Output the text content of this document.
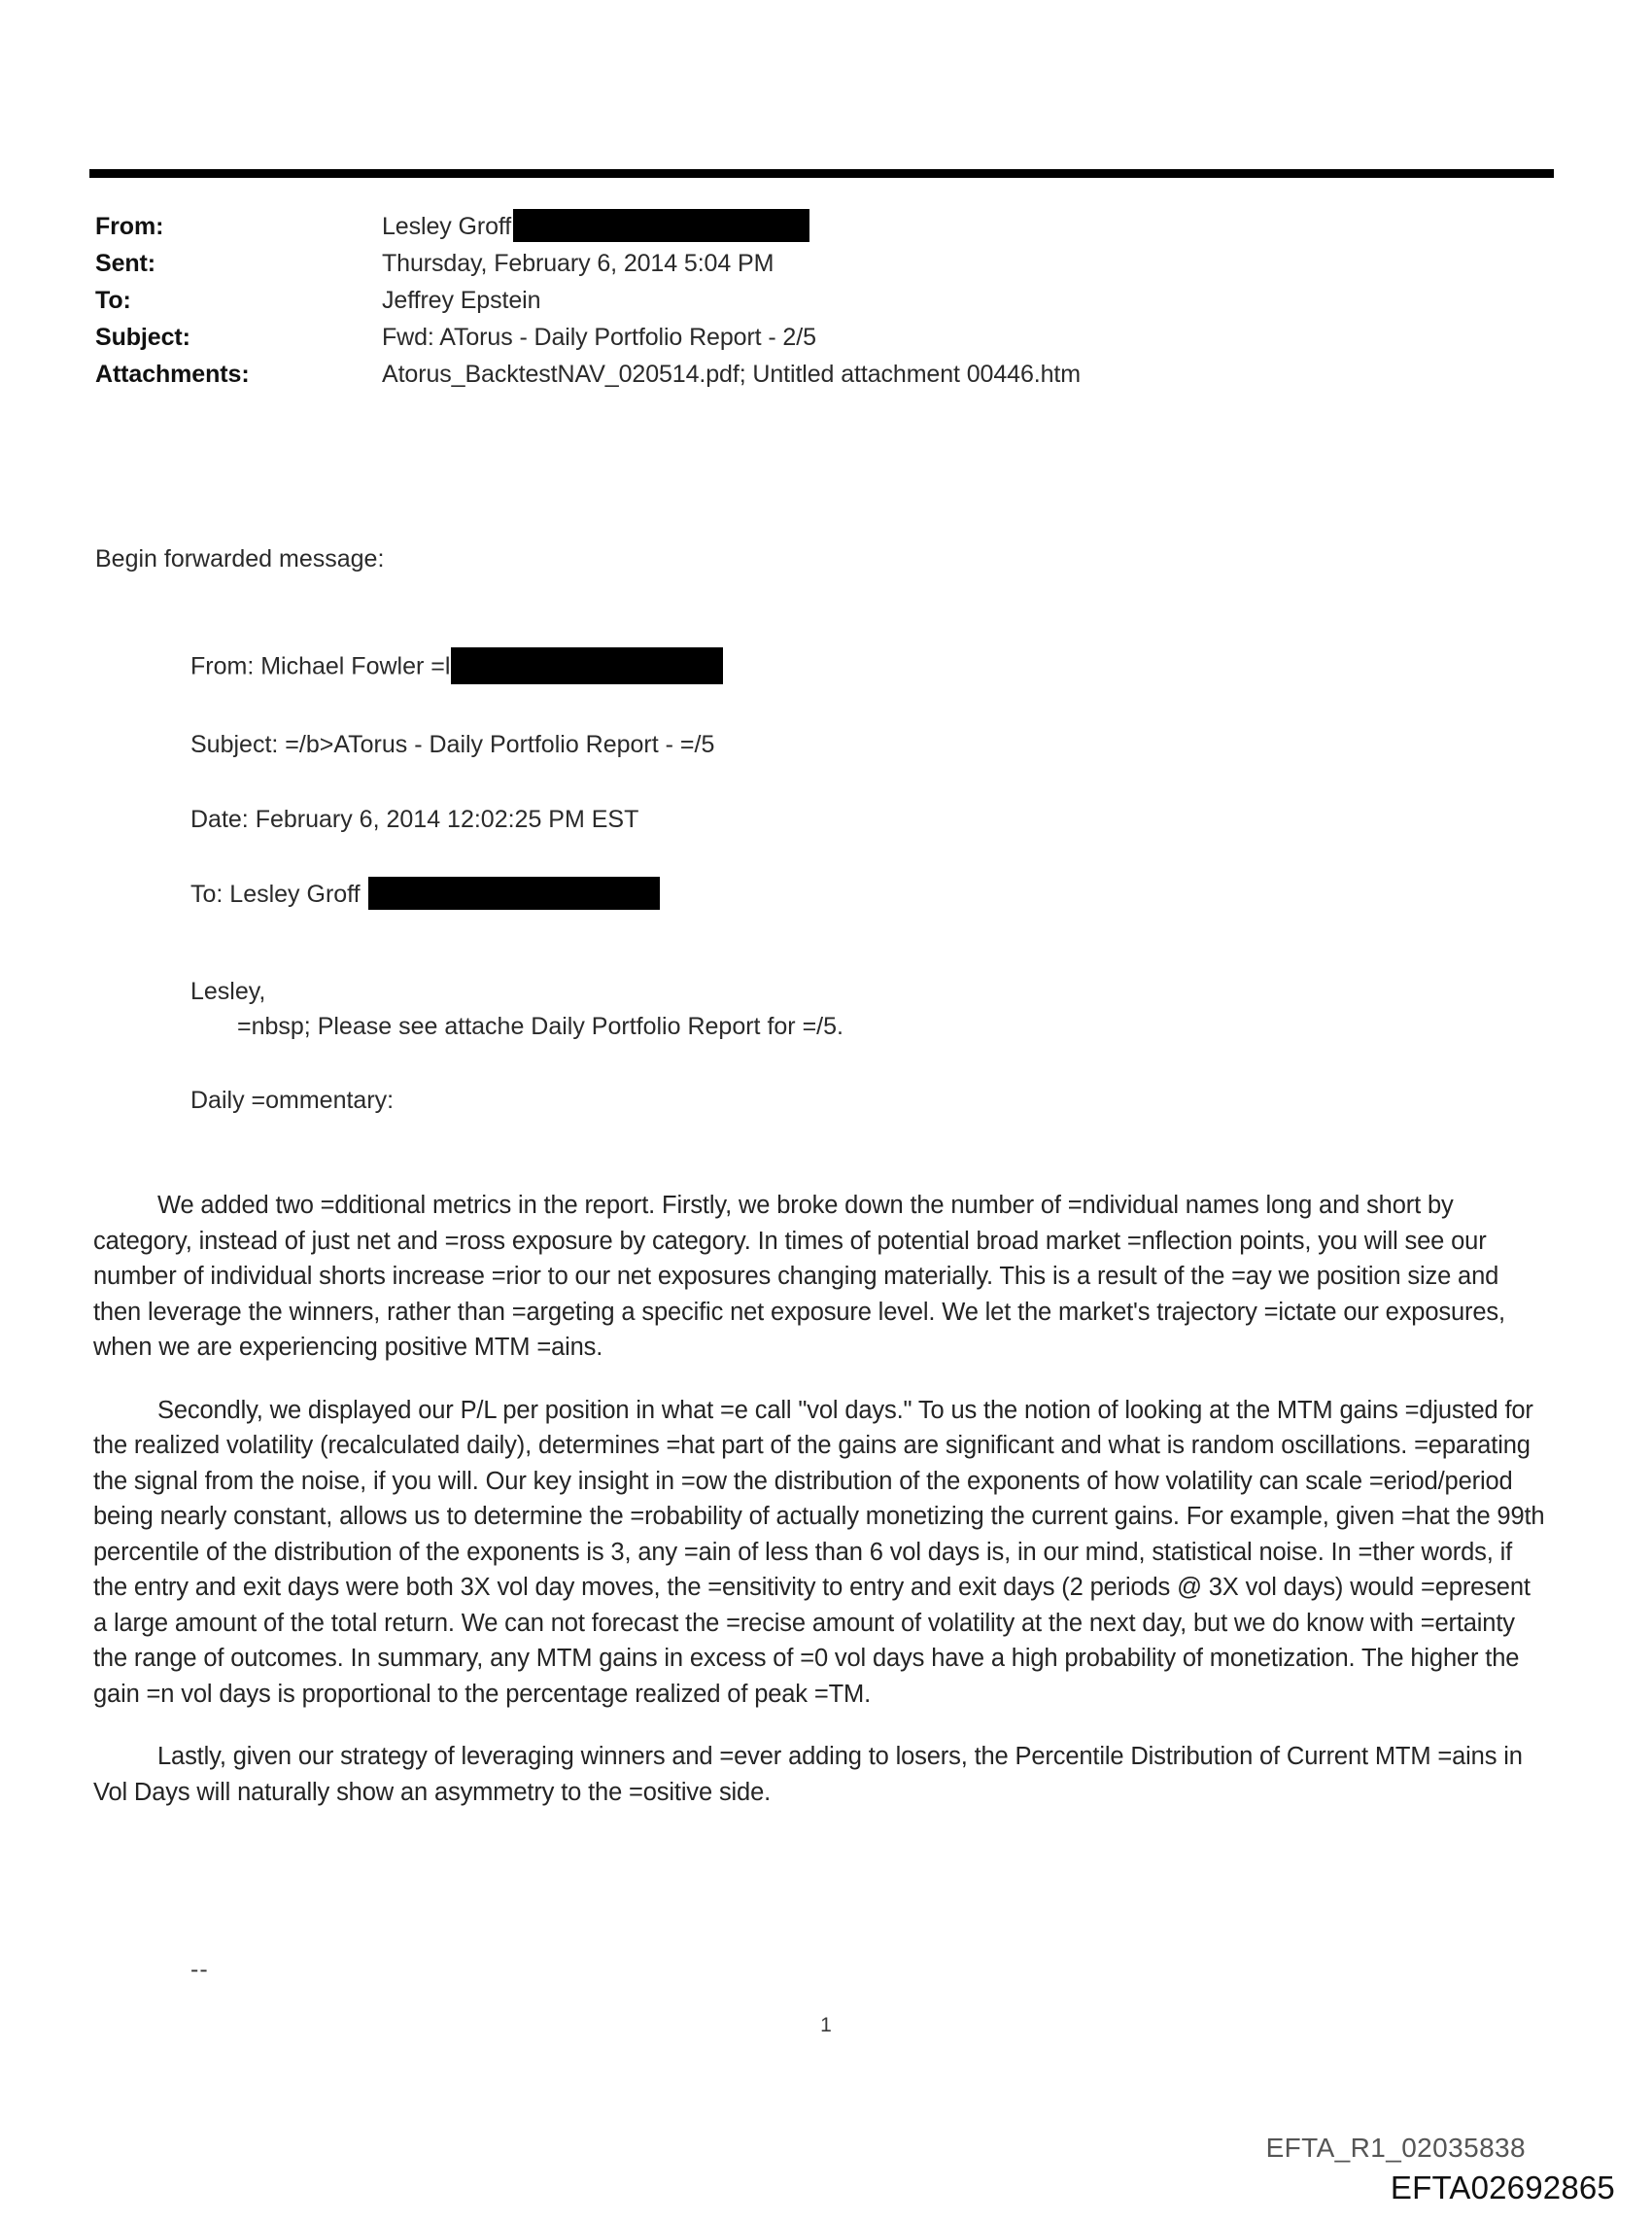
From:	Lesley Groff
Sent:	Thursday, February 6, 2014 5:04 PM
To:	Jeffrey Epstein
Subject:	Fwd: ATorus - Daily Portfolio Report - 2/5
Attachments:	Atorus_BacktestNAV_020514.pdf; Untitled attachment 00446.htm
Begin forwarded message:
From: Michael Fowler =l
Subject: =/b>ATorus - Daily Portfolio Report - =/5
Date: February 6, 2014 12:02:25 PM EST
To: Lesley Groff
Lesley,
=nbsp; Please see attache Daily Portfolio Report for =/5.
Daily =ommentary:

We added two =dditional metrics in the report. Firstly, we broke down the number of =ndividual names long and short by category, instead of just net and =ross exposure by category. In times of potential broad market =nflection points, you will see our number of individual shorts increase =rior to our net exposures changing materially. This is a result of the =ay we position size and then leverage the winners, rather than =argeting a specific net exposure level. We let the market's trajectory =ictate our exposures, when we are experiencing positive MTM =ains.

Secondly, we displayed our P/L per position in what =e call "vol days." To us the notion of looking at the MTM gains =djusted for the realized volatility (recalculated daily), determines =hat part of the gains are significant and what is random oscillations. =eparating the signal from the noise, if you will. Our key insight in =ow the distribution of the exponents of how volatility can scale =eriod/period being nearly constant, allows us to determine the =robability of actually monetizing the current gains. For example, given =hat the 99th percentile of the distribution of the exponents is 3, any =ain of less than 6 vol days is, in our mind, statistical noise. In =ther words, if the entry and exit days were both 3X vol day moves, the =ensitivity to entry and exit days (2 periods @ 3X vol days) would =epresent a large amount of the total return. We can not forecast the =recise amount of volatility at the next day, but we do know with =ertainty the range of outcomes. In summary, any MTM gains in excess of =0 vol days have a high probability of monetization. The higher the gain =n vol days is proportional to the percentage realized of peak =TM.

Lastly, given our strategy of leveraging winners and =ever adding to losers, the Percentile Distribution of Current MTM =ains in Vol Days will naturally show an asymmetry to the =ositive side.

--
1
EFTA_R1_02035838
EFTA02692865
